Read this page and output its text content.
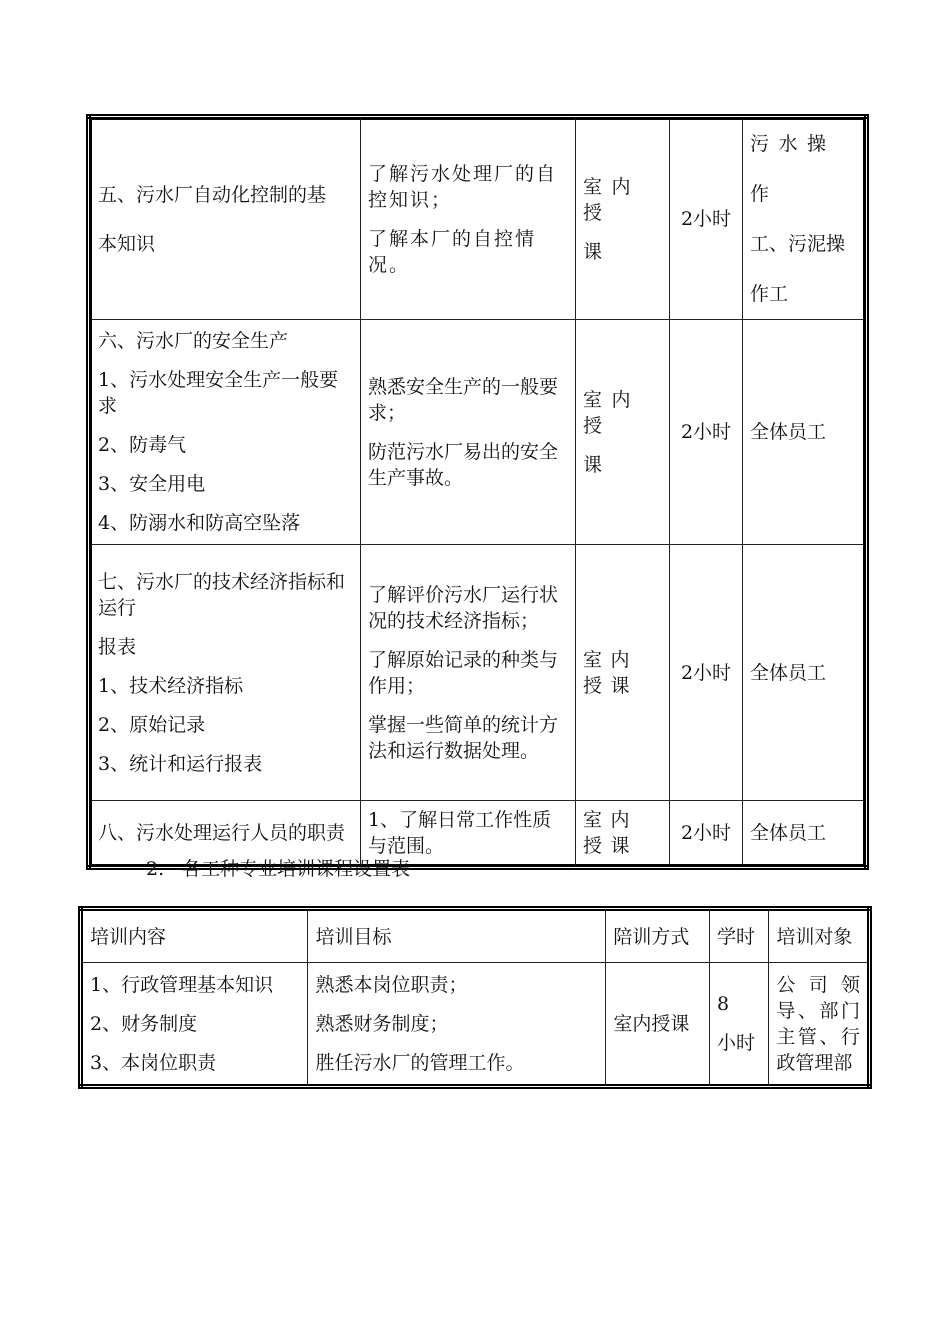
五、污水厂自动化控制的基
本知识	了解污水处理厂的自控知识；
了解本厂的自控情况。	室内授
课	2小时	污水操作
工、污泥操
作工

六、污水厂的安全生产
1、污水处理安全生产一般要求
2、防毒气
3、安全用电
4、防溺水和防高空坠落	熟悉安全生产的一般要求；
防范污水厂易出的安全生产事故。	室内授
课	2小时	全体员工

七、污水厂的技术经济指标和运行
报表
1、技术经济指标
2、原始记录
3、统计和运行报表	了解评价污水厂运行状况的技术经济指标；
了解原始记录的种类与作用；
掌握一些简单的统计方法和运行数据处理。	室内授课	2小时	全体员工

八、污水处理运行人员的职责	1、了解日常工作性质与范围。	室内授课	2小时	全体员工
2. 各工种专业培训课程设置表
培训内容	培训目标	陪训方式	学时	培训对象

1、行政管理基本知识
2、财务制度
3、本岗位职责	熟悉本岗位职责；
熟悉财务制度；
胜任污水厂的管理工作。	室内授课	8
小时	公司领导、部门主管、行政管理部
